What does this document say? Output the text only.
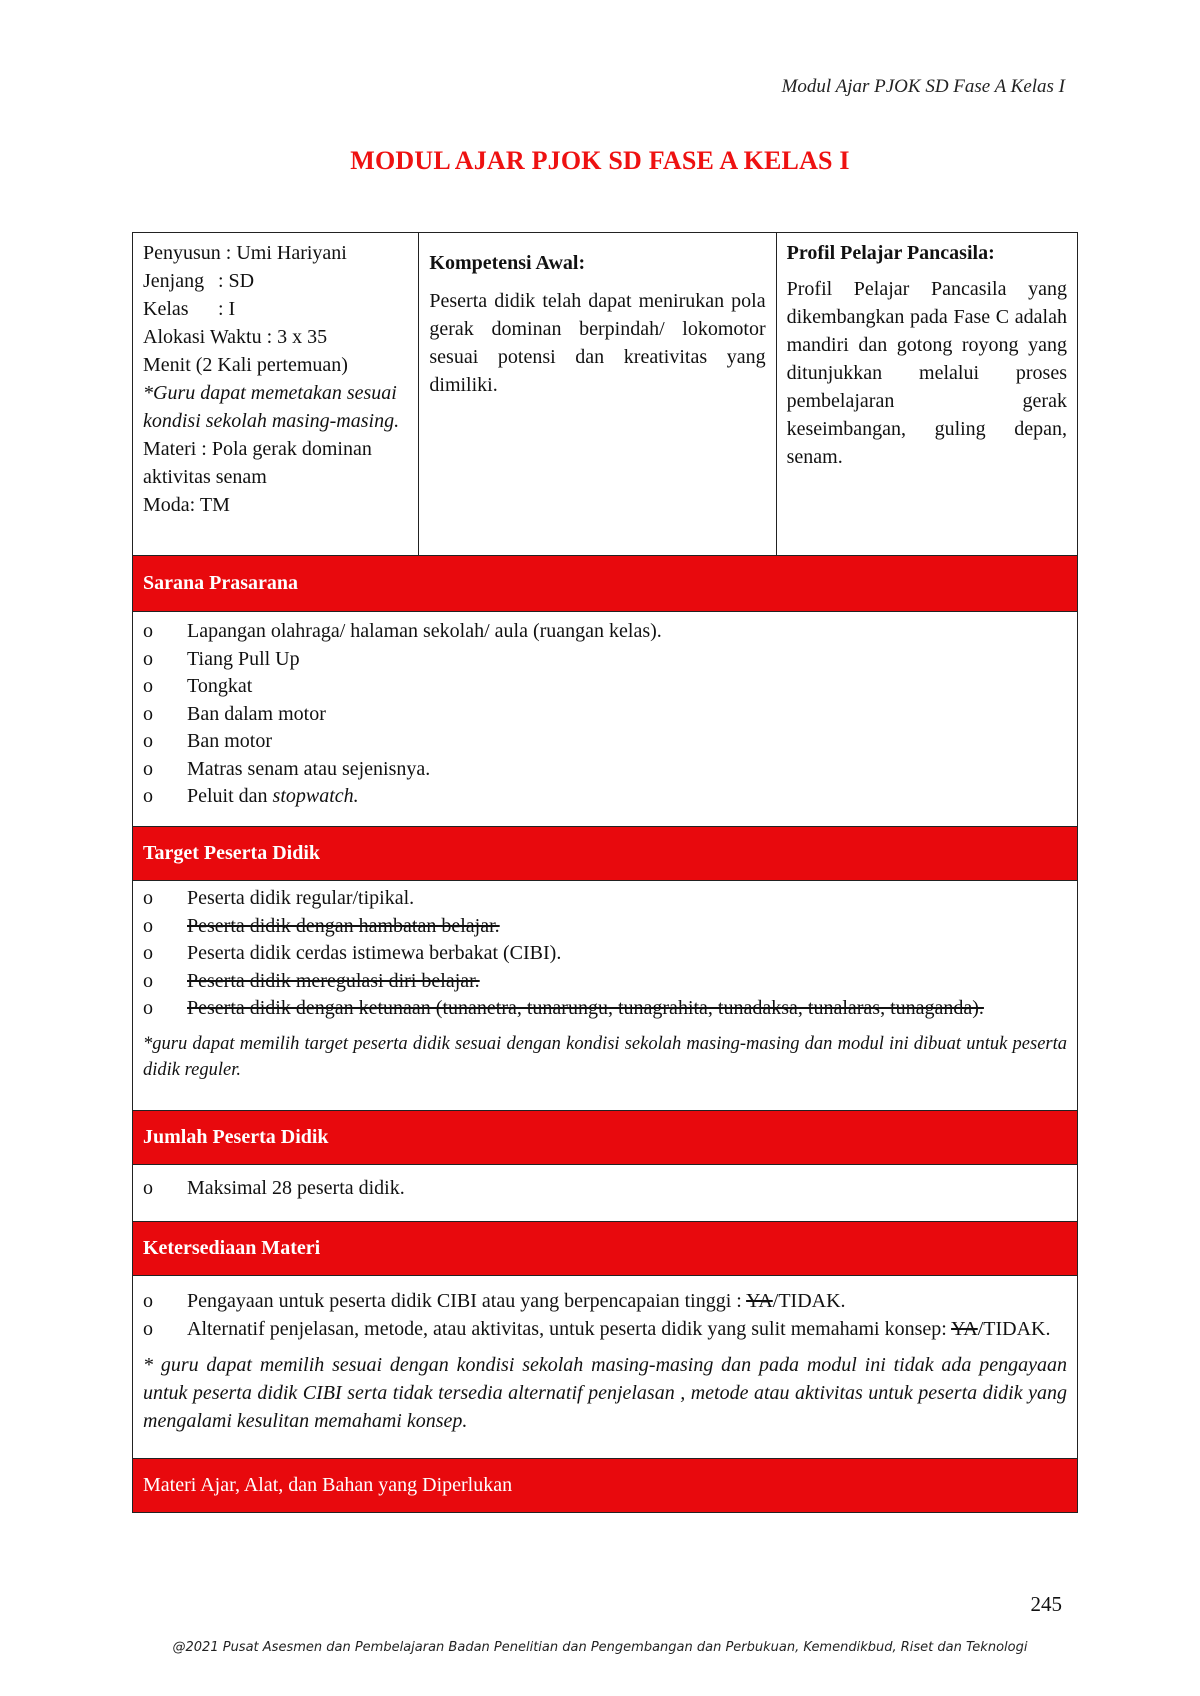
Modul Ajar PJOK SD Fase A Kelas I
MODUL AJAR PJOK SD FASE A KELAS I
Penyusun : Umi Hariyani
Jenjang : SD
Kelas	: I
Alokasi Waktu : 3 x 35
Menit (2 Kali pertemuan)
*Guru dapat memetakan sesuai kondisi sekolah masing-masing.
Materi : Pola gerak dominan aktivitas senam
Moda: TM
Kompetensi Awal:
Peserta didik telah dapat menirukan pola gerak dominan berpindah/ lokomotor sesuai potensi dan kreativitas yang dimiliki.
Profil Pelajar Pancasila:
Profil Pelajar Pancasila yang dikembangkan pada Fase C adalah mandiri dan gotong royong yang ditunjukkan melalui proses pembelajaran gerak keseimbangan, guling depan, senam.
Sarana Prasarana
o	Lapangan olahraga/ halaman sekolah/ aula (ruangan kelas).
o	Tiang Pull Up
o	Tongkat
o	Ban dalam motor
o	Ban motor
o	Matras senam atau sejenisnya.
o	Peluit dan stopwatch.
Target Peserta Didik
o	Peserta didik regular/tipikal.
o	Peserta didik dengan hambatan belajar.
o	Peserta didik cerdas istimewa berbakat (CIBI).
o	Peserta didik meregulasi diri belajar.
o	Peserta didik dengan ketunaan (tunanetra, tunarungu, tunagrahita, tunadaksa, tunalaras, tunaganda).
*guru dapat memilih target peserta didik sesuai dengan kondisi sekolah masing-masing dan modul ini dibuat untuk peserta didik reguler.
Jumlah Peserta Didik
o	Maksimal 28 peserta didik.
Ketersediaan Materi
o	Pengayaan untuk peserta didik CIBI atau yang berpencapaian tinggi : YA/TIDAK.
o	Alternatif penjelasan, metode, atau aktivitas, untuk peserta didik yang sulit memahami konsep: YA/TIDAK.
* guru dapat memilih sesuai dengan kondisi sekolah masing-masing dan pada modul ini tidak ada pengayaan untuk peserta didik CIBI serta tidak tersedia alternatif penjelasan , metode atau aktivitas untuk peserta didik yang mengalami kesulitan memahami konsep.
Materi Ajar, Alat, dan Bahan yang Diperlukan
245
@2021 Pusat Asesmen dan Pembelajaran Badan Penelitian dan Pengembangan dan Perbukuan, Kemendikbud, Riset dan Teknologi
